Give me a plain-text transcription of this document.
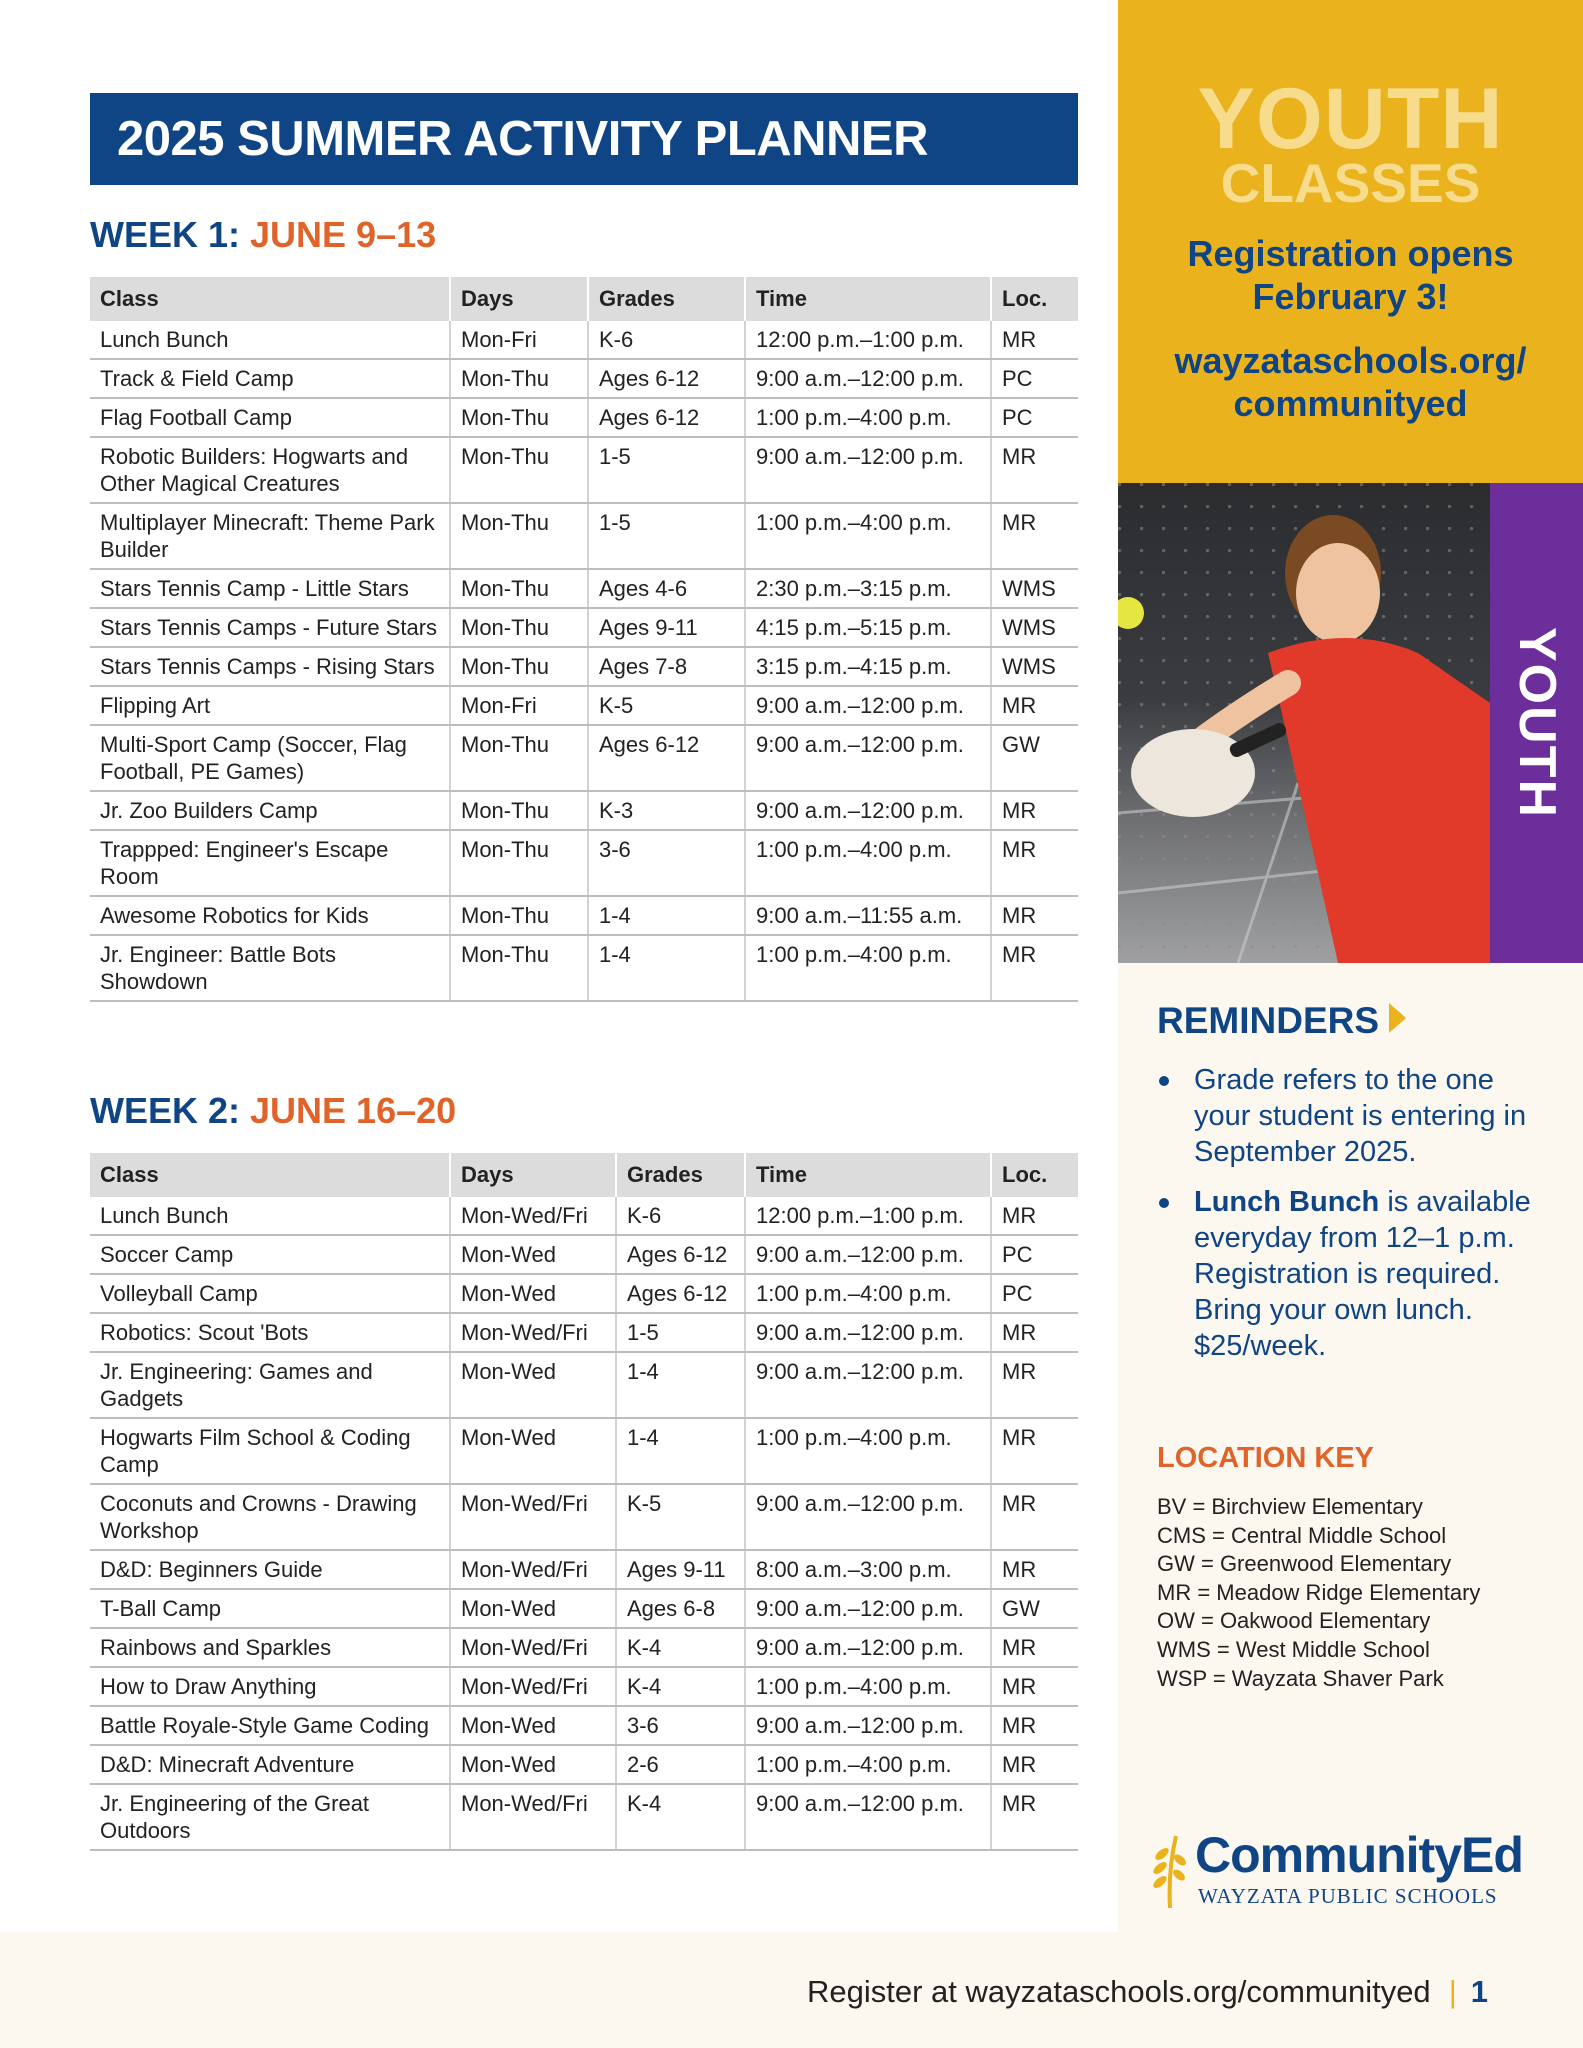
2025 SUMMER ACTIVITY PLANNER
WEEK 1: JUNE 9–13
Class	Days	Grades	Time	Loc.
Lunch Bunch	Mon-Fri	K-6	12:00 p.m.–1:00 p.m.	MR
Track & Field Camp	Mon-Thu	Ages 6-12	9:00 a.m.–12:00 p.m.	PC
Flag Football Camp	Mon-Thu	Ages 6-12	1:00 p.m.–4:00 p.m.	PC
Robotic Builders: Hogwarts and Other Magical Creatures	Mon-Thu	1-5	9:00 a.m.–12:00 p.m.	MR
Multiplayer Minecraft: Theme Park Builder	Mon-Thu	1-5	1:00 p.m.–4:00 p.m.	MR
Stars Tennis Camp - Little Stars	Mon-Thu	Ages 4-6	2:30 p.m.–3:15 p.m.	WMS
Stars Tennis Camps - Future Stars	Mon-Thu	Ages 9-11	4:15 p.m.–5:15 p.m.	WMS
Stars Tennis Camps - Rising Stars	Mon-Thu	Ages 7-8	3:15 p.m.–4:15 p.m.	WMS
Flipping Art	Mon-Fri	K-5	9:00 a.m.–12:00 p.m.	MR
Multi-Sport Camp (Soccer, Flag Football, PE Games)	Mon-Thu	Ages 6-12	9:00 a.m.–12:00 p.m.	GW
Jr. Zoo Builders Camp	Mon-Thu	K-3	9:00 a.m.–12:00 p.m.	MR
Trappped: Engineer's Escape Room	Mon-Thu	3-6	1:00 p.m.–4:00 p.m.	MR
Awesome Robotics for Kids	Mon-Thu	1-4	9:00 a.m.–11:55 a.m.	MR
Jr. Engineer: Battle Bots Showdown	Mon-Thu	1-4	1:00 p.m.–4:00 p.m.	MR
WEEK 2: JUNE 16–20
Class	Days	Grades	Time	Loc.
Lunch Bunch	Mon-Wed/Fri	K-6	12:00 p.m.–1:00 p.m.	MR
Soccer Camp	Mon-Wed	Ages 6-12	9:00 a.m.–12:00 p.m.	PC
Volleyball Camp	Mon-Wed	Ages 6-12	1:00 p.m.–4:00 p.m.	PC
Robotics: Scout 'Bots	Mon-Wed/Fri	1-5	9:00 a.m.–12:00 p.m.	MR
Jr. Engineering: Games and Gadgets	Mon-Wed	1-4	9:00 a.m.–12:00 p.m.	MR
Hogwarts Film School & Coding Camp	Mon-Wed	1-4	1:00 p.m.–4:00 p.m.	MR
Coconuts and Crowns - Drawing Workshop	Mon-Wed/Fri	K-5	9:00 a.m.–12:00 p.m.	MR
D&D: Beginners Guide	Mon-Wed/Fri	Ages 9-11	8:00 a.m.–3:00 p.m.	MR
T-Ball Camp	Mon-Wed	Ages 6-8	9:00 a.m.–12:00 p.m.	GW
Rainbows and Sparkles	Mon-Wed/Fri	K-4	9:00 a.m.–12:00 p.m.	MR
How to Draw Anything	Mon-Wed/Fri	K-4	1:00 p.m.–4:00 p.m.	MR
Battle Royale-Style Game Coding	Mon-Wed	3-6	9:00 a.m.–12:00 p.m.	MR
D&D: Minecraft Adventure	Mon-Wed	2-6	1:00 p.m.–4:00 p.m.	MR
Jr. Engineering of the Great Outdoors	Mon-Wed/Fri	K-4	9:00 a.m.–12:00 p.m.	MR
YOUTH
CLASSES
Registration opens February 3!
wayzataschools.org/
communityed
YOUTH
REMINDERS
Grade refers to the one your student is entering in September 2025.
Lunch Bunch is available everyday from 12–1 p.m. Registration is required. Bring your own lunch. $25/week.
LOCATION KEY
BV = Birchview Elementary
CMS = Central Middle School
GW = Greenwood Elementary
MR = Meadow Ridge Elementary
OW = Oakwood Elementary
WMS = West Middle School
WSP = Wayzata Shaver Park
CommunityEd
WAYZATA PUBLIC SCHOOLS
Register at wayzataschools.org/communityed | 1
